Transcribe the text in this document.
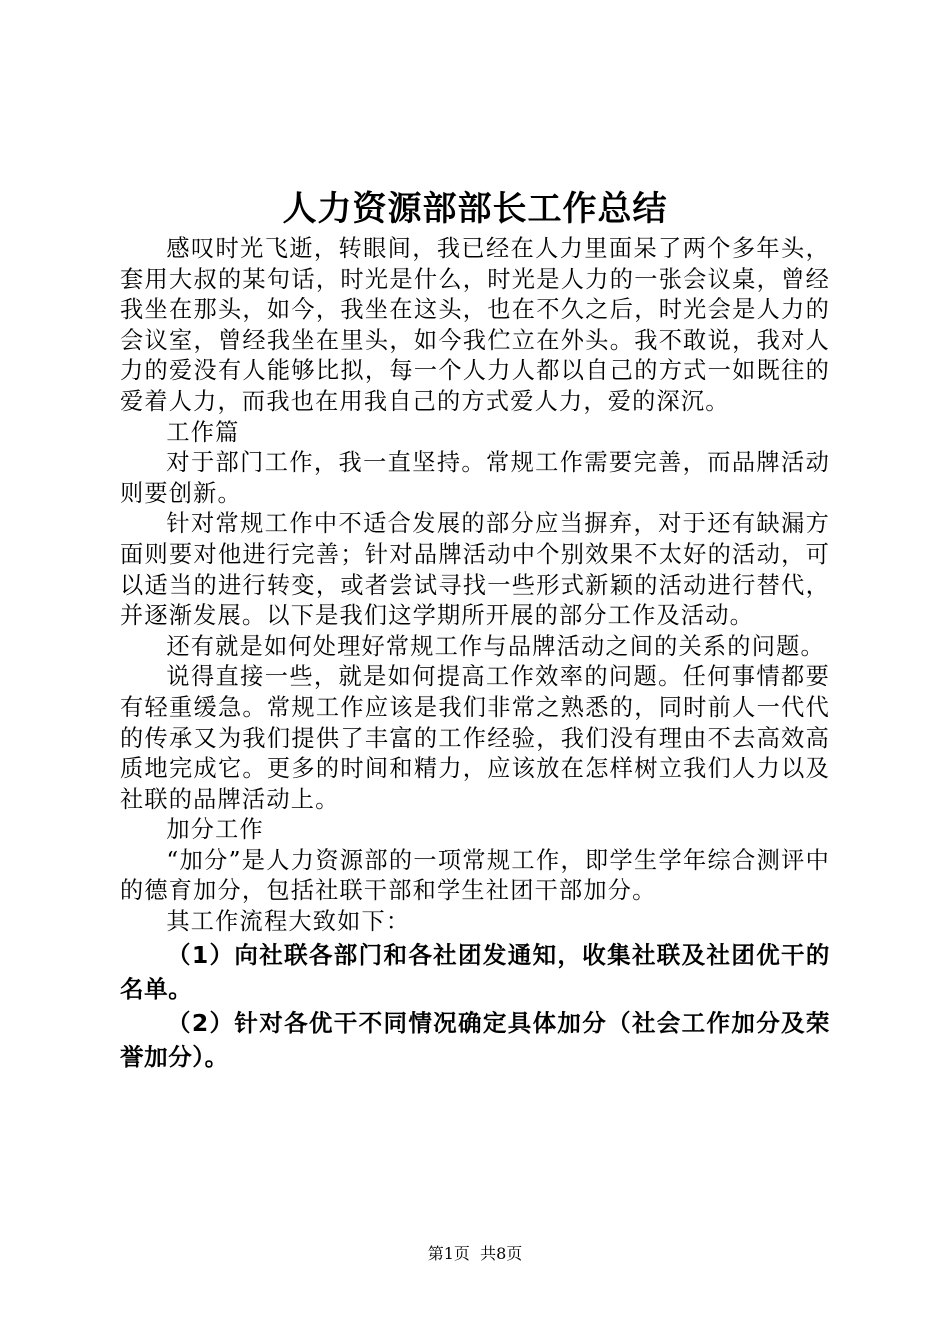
人力资源部部长工作总结

感叹时光飞逝，转眼间，我已经在人力里面呆了两个多年头，套用大叔的某句话，时光是什么，时光是人力的一张会议桌，曾经我坐在那头，如今，我坐在这头，也在不久之后，时光会是人力的会议室，曾经我坐在里头，如今我伫立在外头。我不敢说，我对人力的爱没有人能够比拟，每一个人力人都以自己的方式一如既往的爱着人力，而我也在用我自己的方式爱人力，爱的深沉。

工作篇

对于部门工作，我一直坚持。常规工作需要完善，而品牌活动则要创新。

针对常规工作中不适合发展的部分应当摒弃，对于还有缺漏方面则要对他进行完善；针对品牌活动中个别效果不太好的活动，可以适当的进行转变，或者尝试寻找一些形式新颖的活动进行替代，并逐渐发展。以下是我们这学期所开展的部分工作及活动。

还有就是如何处理好常规工作与品牌活动之间的关系的问题。

说得直接一些，就是如何提高工作效率的问题。任何事情都要有轻重缓急。常规工作应该是我们非常之熟悉的，同时前人一代代的传承又为我们提供了丰富的工作经验，我们没有理由不去高效高质地完成它。更多的时间和精力，应该放在怎样树立我们人力以及社联的品牌活动上。

加分工作

“加分”是人力资源部的一项常规工作，即学生学年综合测评中的德育加分，包括社联干部和学生社团干部加分。

其工作流程大致如下：

（1）向社联各部门和各社团发通知，收集社联及社团优干的名单。

（2）针对各优干不同情况确定具体加分（社会工作加分及荣誉加分）。

第1页 共8页
